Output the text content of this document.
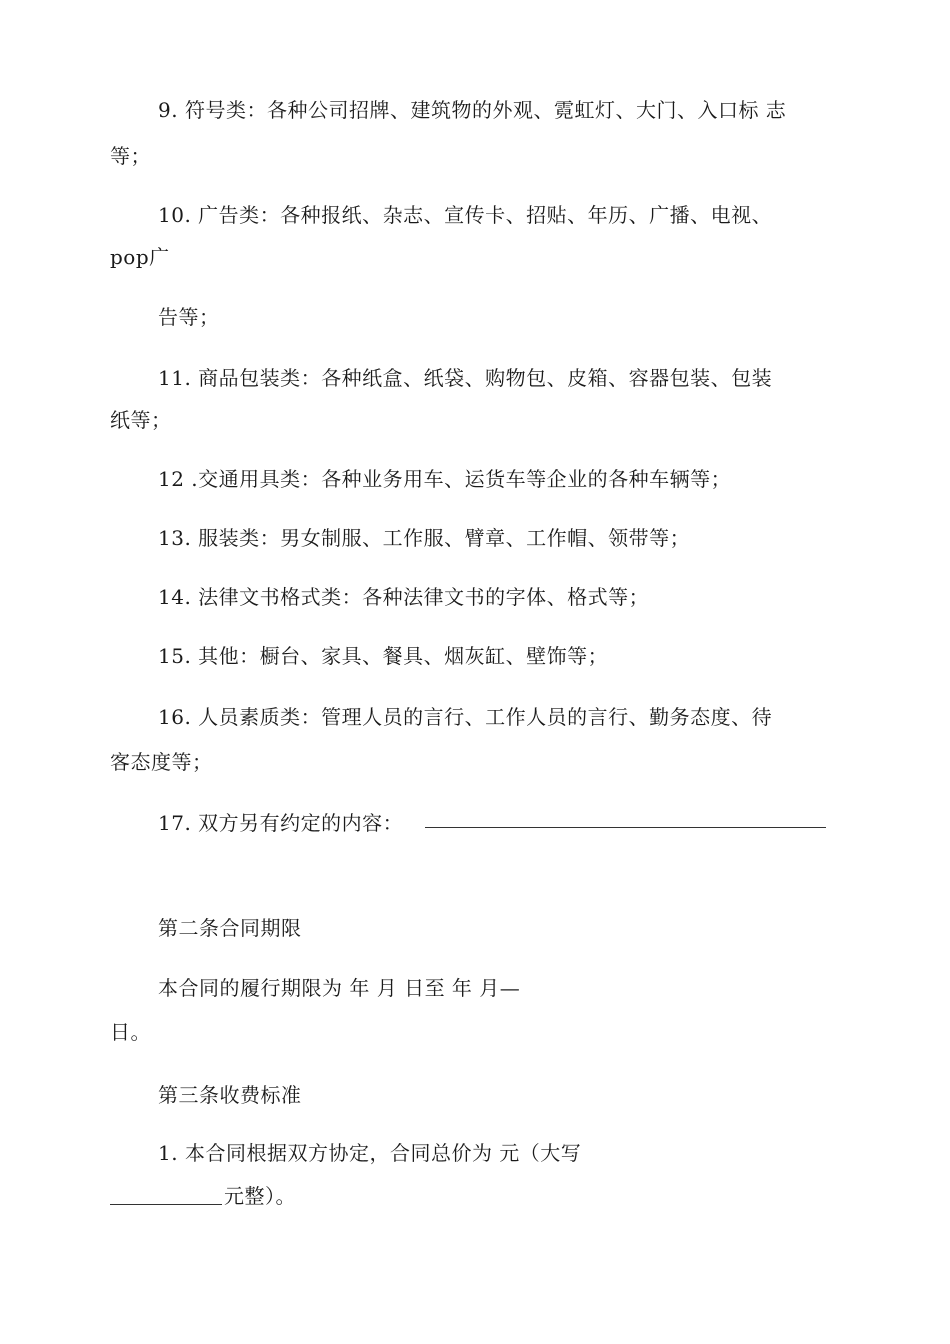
9. 符号类：各种公司招牌、建筑物的外观、霓虹灯、大门、入口标 志
等；
10. 广告类：各种报纸、杂志、宣传卡、招贴、年历、广播、电视、
pop广
告等；
11. 商品包装类：各种纸盒、纸袋、购物包、皮箱、容器包装、包装
纸等；
12 .交通用具类：各种业务用车、运货车等企业的各种车辆等；
13. 服装类：男女制服、工作服、臂章、工作帽、领带等；
14. 法律文书格式类：各种法律文书的字体、格式等；
15. 其他：橱台、家具、餐具、烟灰缸、壁饰等；
16. 人员素质类：管理人员的言行、工作人员的言行、勤务态度、待
客态度等；
17. 双方另有约定的内容：
第二条合同期限
本合同的履行期限为 年 月 日至 年 月—
日。
第三条收费标准
1. 本合同根据双方协定，合同总价为 元（大写
元整）。
